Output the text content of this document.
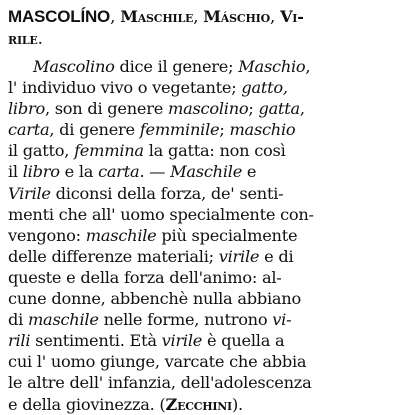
MASCOLÍNO, Maschile, Máschio, Vi-
rile.
Mascolino dice il genere; Maschio,
l' individuo vivo o vegetante; gatto,
libro, son di genere mascolino; gatta,
carta, di genere femminile; maschio
il gatto, femmina la gatta: non così
il libro e la carta. — Maschile e
Virile diconsi della forza, de' senti-
menti che all' uomo specialmente con-
vengono: maschile più specialmente
delle differenze materiali; virile e di
queste e della forza dell'animo: al-
cune donne, abbenchè nulla abbiano
di maschile nelle forme, nutrono vi-
rili sentimenti. Età virile è quella a
cui l' uomo giunge, varcate che abbia
le altre dell' infanzia, dell'adolescenza
e della giovinezza. (Zecchini).
